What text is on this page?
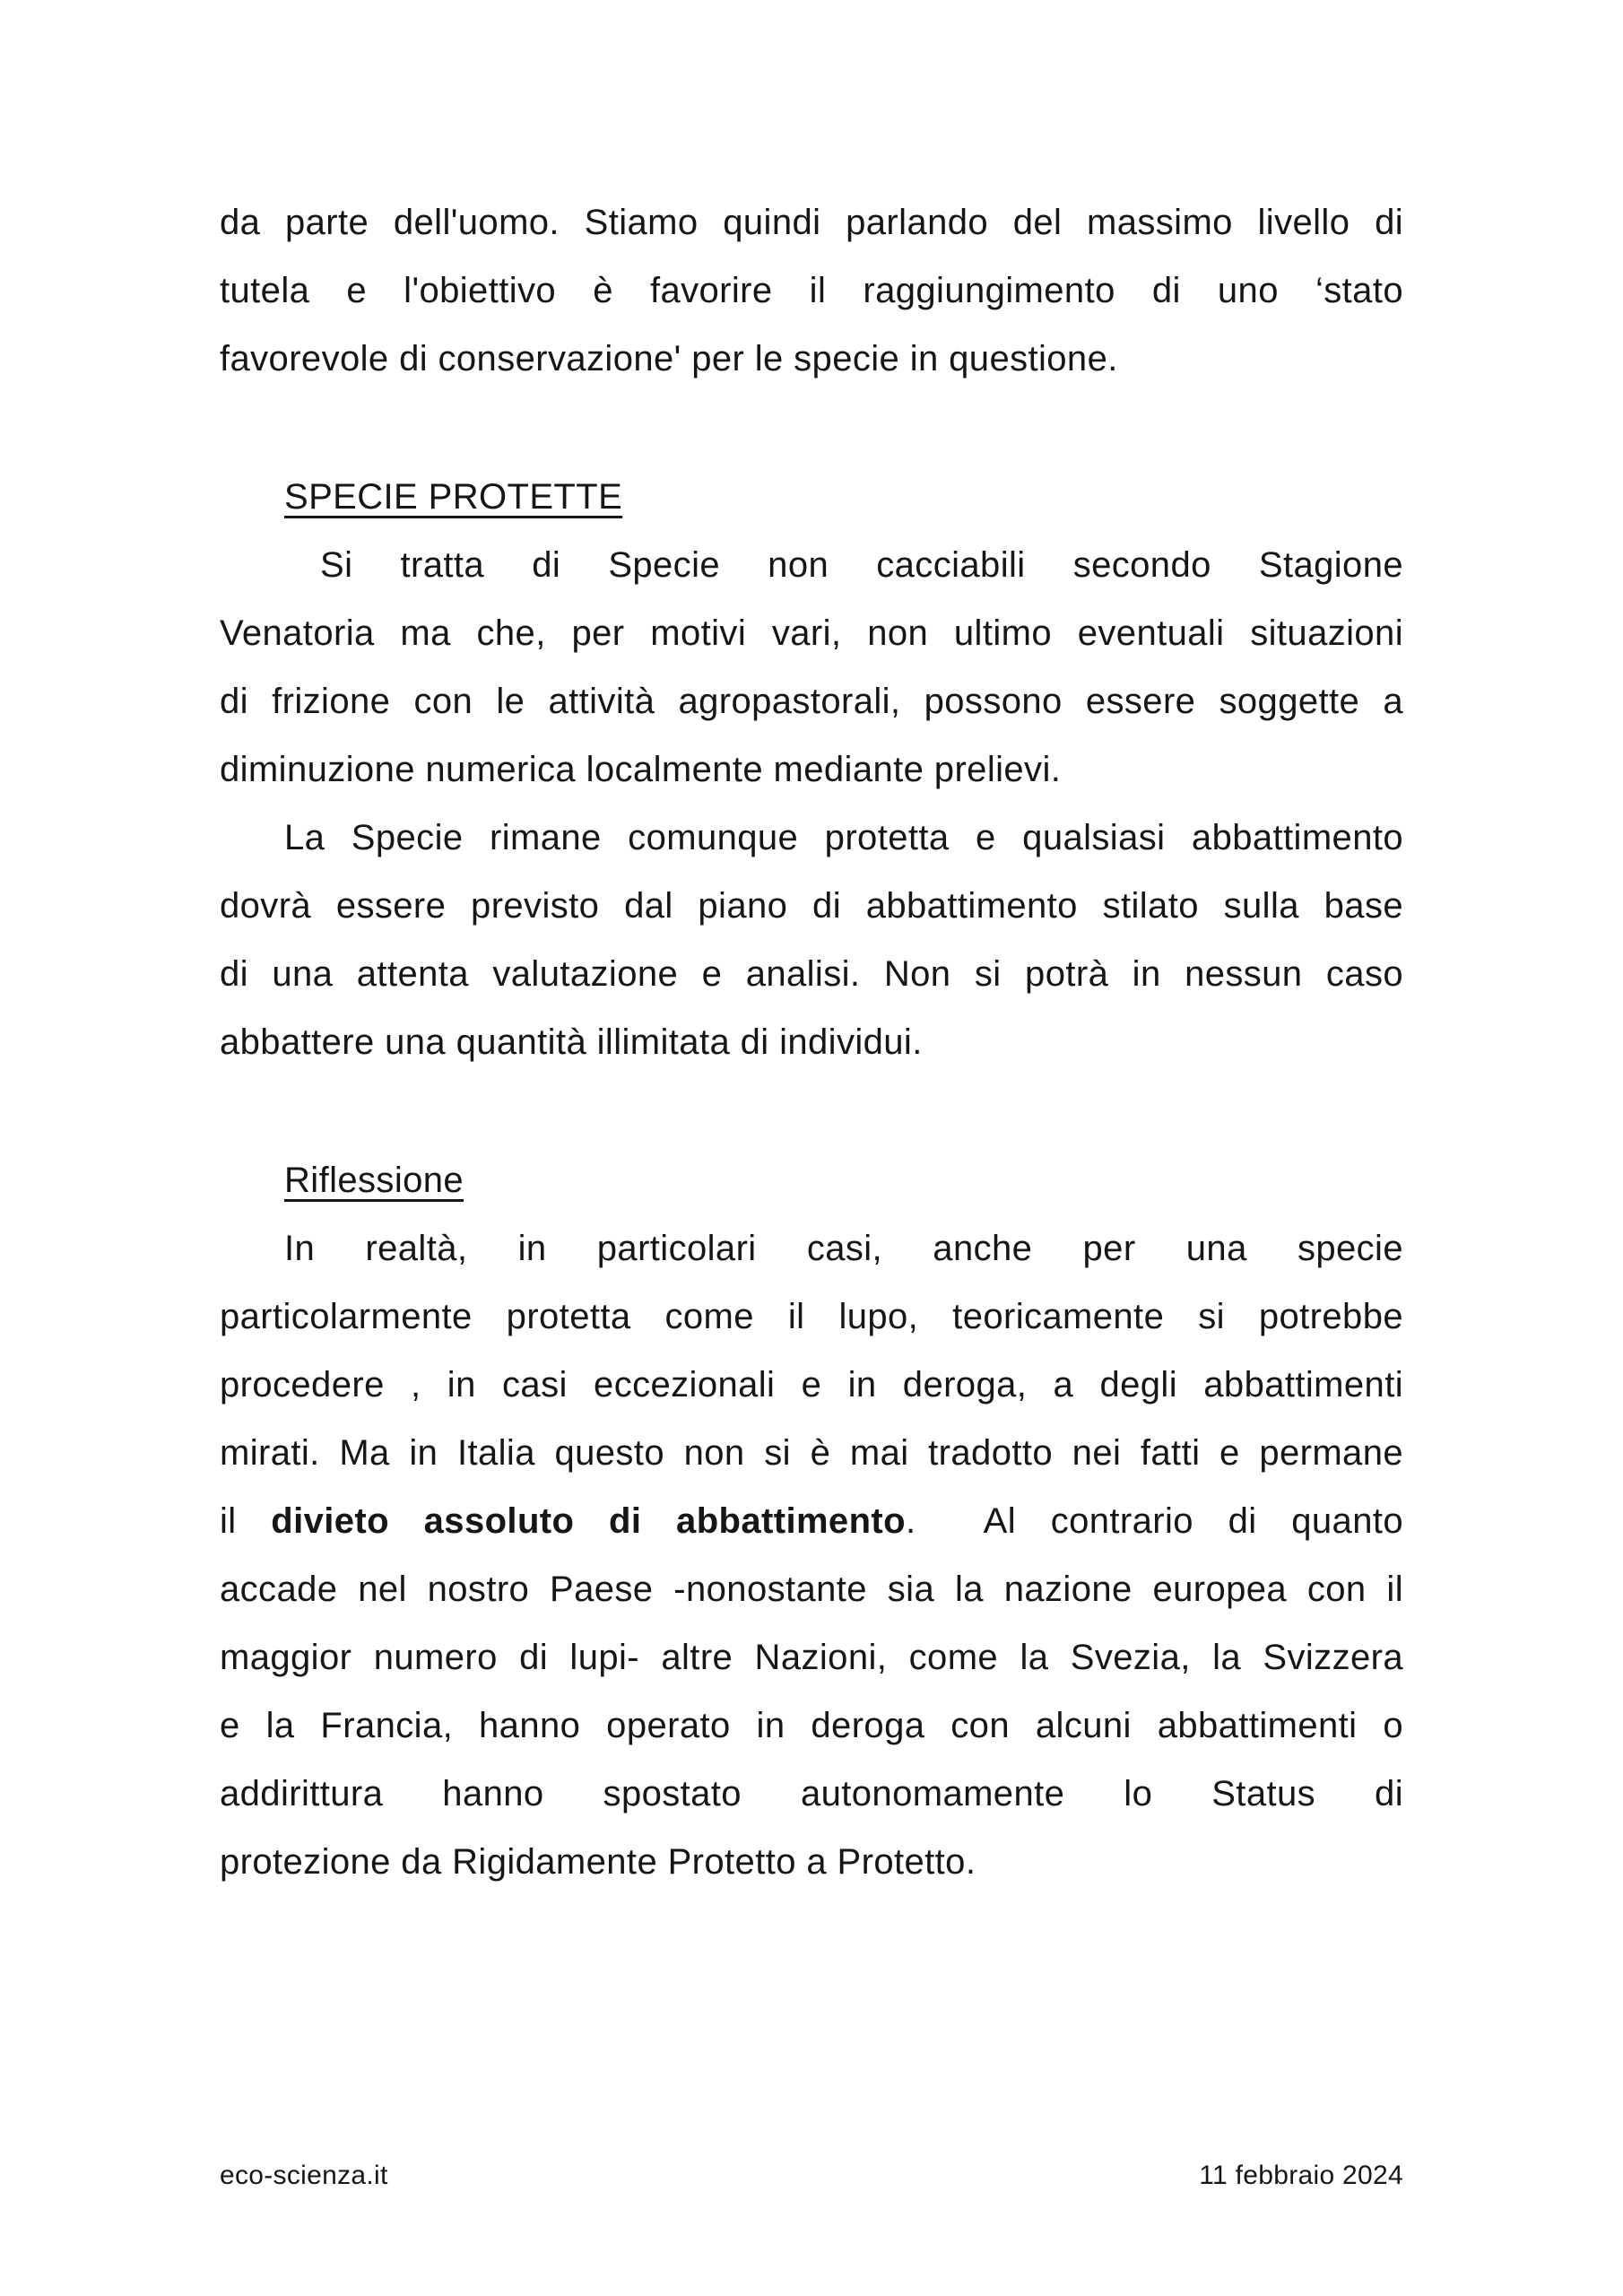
da parte dell'uomo. Stiamo quindi parlando del massimo livello di
tutela e l'obiettivo è favorire il raggiungimento di uno ‘stato
favorevole di conservazione' per le specie in questione.
SPECIE PROTETTE
Si tratta di Specie non cacciabili secondo Stagione
Venatoria ma che, per motivi vari, non ultimo eventuali situazioni
di frizione con le attività agropastorali, possono essere soggette a
diminuzione numerica localmente mediante prelievi.
La Specie rimane comunque protetta e qualsiasi abbattimento
dovrà essere previsto dal piano di abbattimento stilato sulla base
di una attenta valutazione e analisi. Non si potrà in nessun caso
abbattere una quantità illimitata di individui.
Riflessione
In realtà, in particolari casi, anche per una specie
particolarmente protetta come il lupo, teoricamente si potrebbe
procedere , in casi eccezionali e in deroga, a degli abbattimenti
mirati. Ma in Italia questo non si è mai tradotto nei fatti e permane
il divieto assoluto di abbattimento.  Al contrario di quanto
accade nel nostro Paese -nonostante sia la nazione europea con il
maggior numero di lupi- altre Nazioni, come la Svezia, la Svizzera
e la Francia, hanno operato in deroga con alcuni abbattimenti o
addirittura hanno spostato autonomamente lo Status di
protezione da Rigidamente Protetto a Protetto.
eco-scienza.it	11 febbraio 2024
